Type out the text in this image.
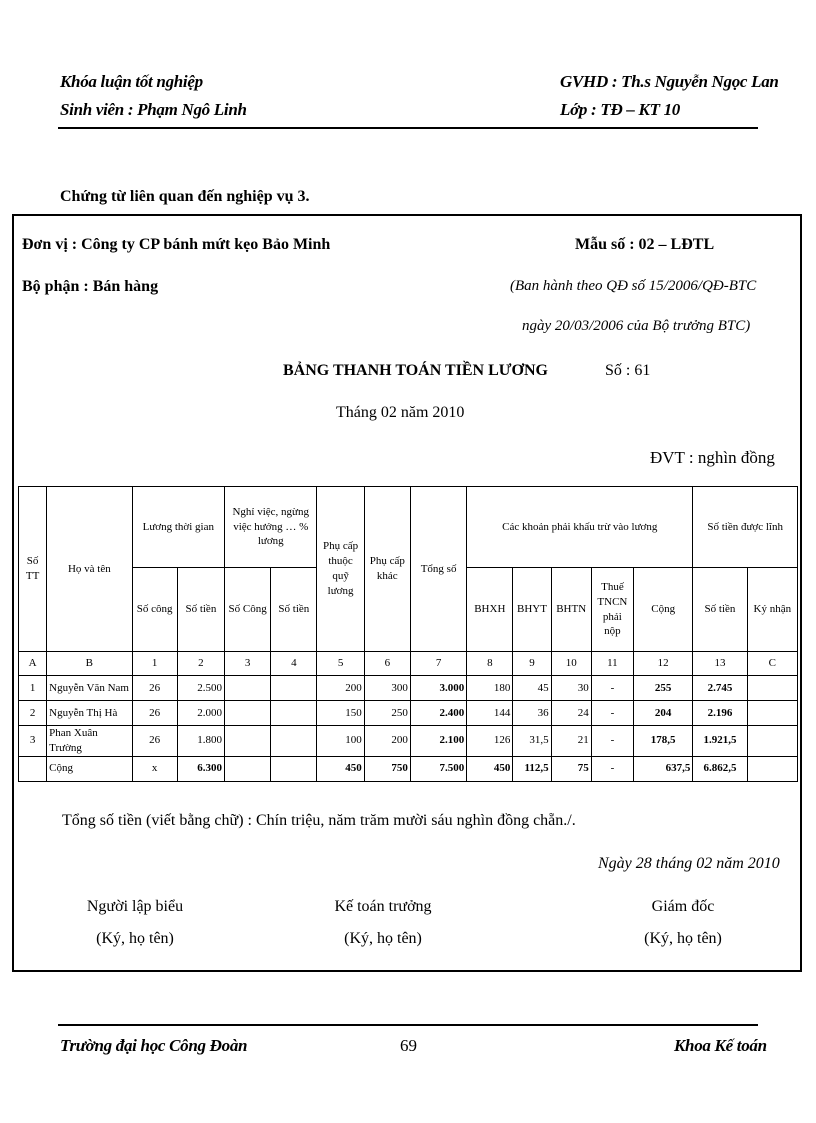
Khóa luận tốt nghiệp
Sinh viên : Phạm Ngô Linh
GVHD : Th.s Nguyễn Ngọc Lan
Lớp : TĐ – KT 10
Chứng từ liên quan đến nghiệp vụ 3.
Đơn vị : Công ty CP bánh mứt kẹo Bảo Minh
Bộ phận : Bán hàng
Mẫu số : 02 – LĐTL
(Ban hành theo QĐ số 15/2006/QĐ-BTC
ngày 20/03/2006 của Bộ trưởng BTC)
BẢNG THANH TOÁN TIỀN LƯƠNG	Số : 61
Tháng 02 năm 2010
ĐVT : nghìn đồng
Số TT	Họ và tên	Lương thời gian		Nghỉ việc, ngừng việc hưởng … % lương		Phụ cấp thuộc quỹ lương	Phụ cấp khác	Tổng số	Các khoản phải khấu trừ vào lương					Số tiền được lĩnh	
		Số công	Số tiền	Số Công	Số tiền				BHXH	BHYT	BHTN	Thuế TNCN phải nộp	Cộng	Số tiền	Ký nhận
A	B	1	2	3	4	5	6	7	8	9	10	11	12	13	C
1	Nguyễn Văn Nam	26	2.500			200	300	3.000	180	45	30	-	255	2.745	
2	Nguyễn Thị Hà	26	2.000			150	250	2.400	144	36	24	-	204	2.196	
3	Phan Xuân Trường	26	1.800			100	200	2.100	126	31,5	21	-	178,5	1.921,5	
	Cộng	x	6.300			450	750	7.500	450	112,5	75	-	637,5	6.862,5	
Tổng số tiền (viết bằng chữ) : Chín triệu, năm trăm mười sáu nghìn đồng chẵn./.
Ngày 28 tháng 02 năm 2010
Người lập biểu
(Ký, họ tên)
Kế toán trưởng
(Ký, họ tên)
Giám đốc
(Ký, họ tên)
Trường đại học Công Đoàn	69	Khoa Kế toán
